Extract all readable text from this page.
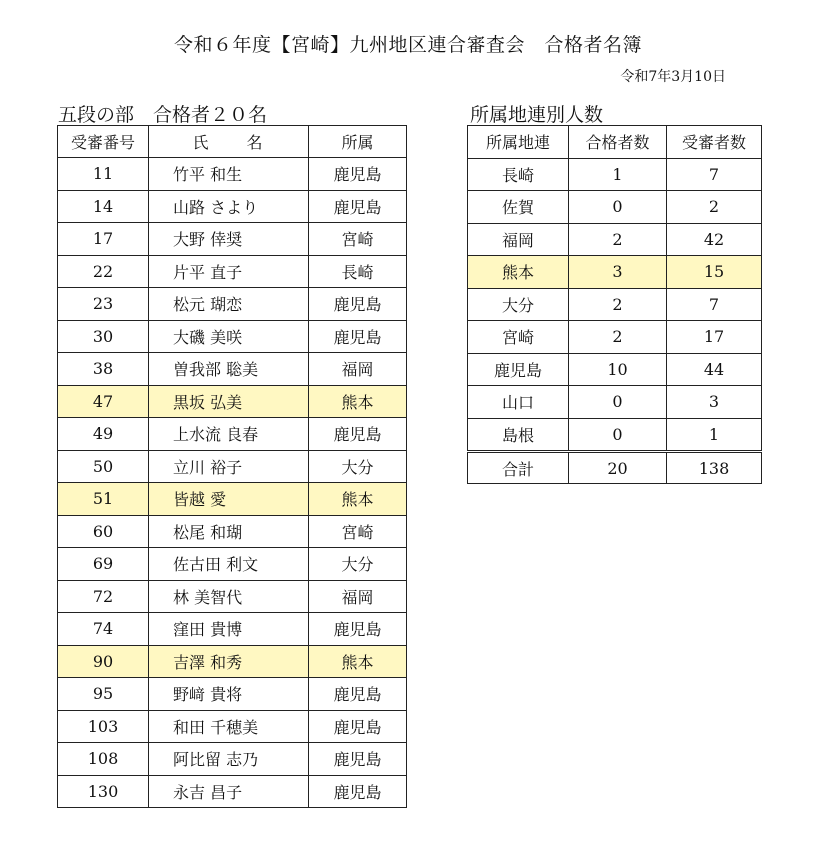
令和６年度【宮崎】九州地区連合審査会　合格者名簿
令和7年3月10日
五段の部　合格者２０名	所属地連別人数
受審番号	氏　　名	所属
11	竹平 和生	鹿児島
14	山路 さより	鹿児島
17	大野 倖奨	宮崎
22	片平 直子	長崎
23	松元 瑚恋	鹿児島
30	大磯 美咲	鹿児島
38	曽我部 聡美	福岡
47	黒坂 弘美	熊本
49	上水流 良春	鹿児島
50	立川 裕子	大分
51	皆越 愛	熊本
60	松尾 和瑚	宮崎
69	佐古田 利文	大分
72	林 美智代	福岡
74	窪田 貴博	鹿児島
90	吉澤 和秀	熊本
95	野﨑 貴将	鹿児島
103	和田 千穂美	鹿児島
108	阿比留 志乃	鹿児島
130	永吉 昌子	鹿児島
所属地連	合格者数	受審者数
長崎	1	7
佐賀	0	2
福岡	2	42
熊本	3	15
大分	2	7
宮崎	2	17
鹿児島	10	44
山口	0	3
島根	0	1
合計	20	138
